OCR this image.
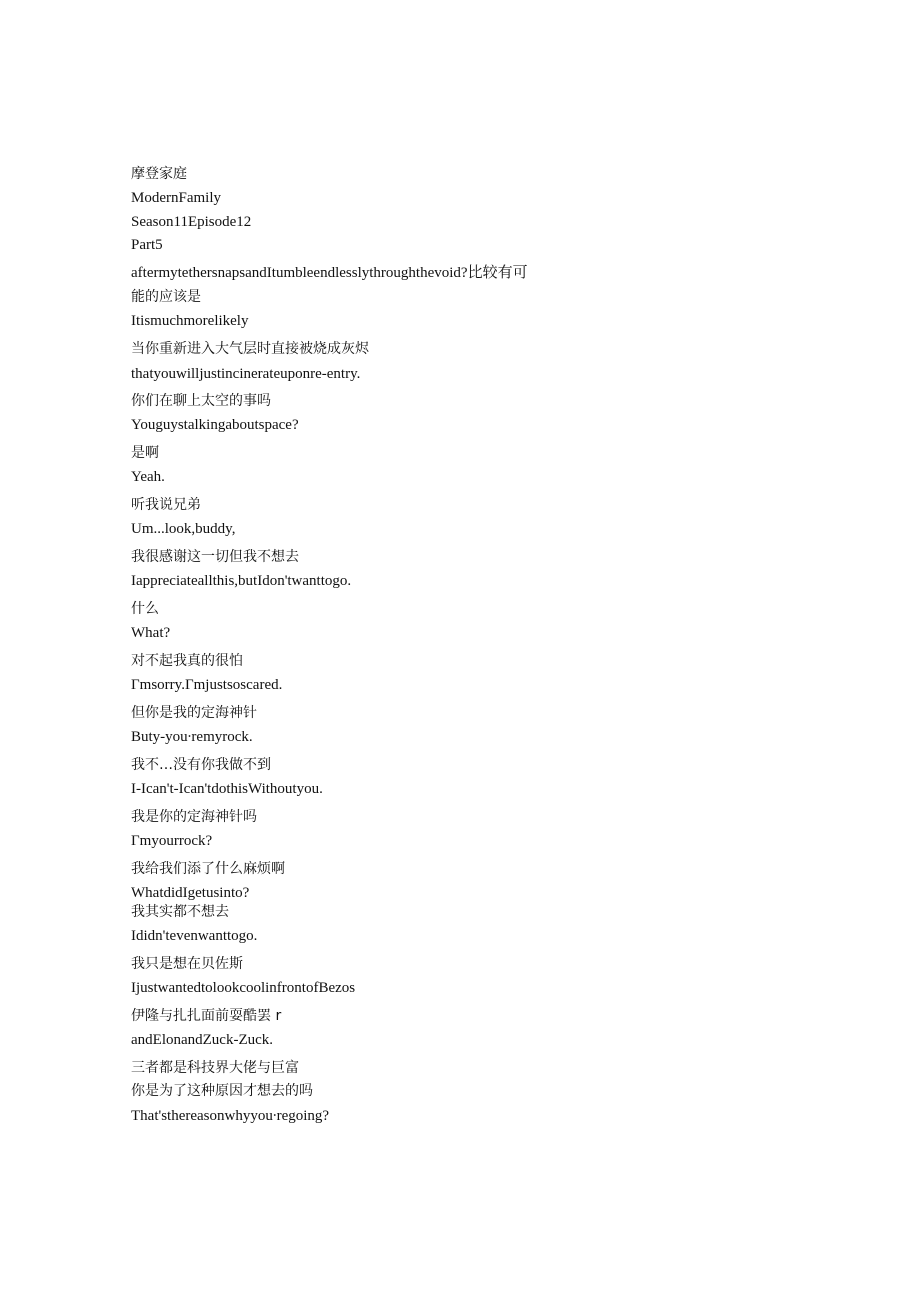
摩登家庭
ModernFamily
Season11Episode12
Part5
aftermytethersnapsandItumbleendlesslythroughthevoid?比较有可
能的应该是
Itismuchmorelikely
当你重新进入大气层时直接被烧成灰烬
thatyouwilljustincinerateuponre-entry.
你们在聊上太空的事吗
Youguystalkingaboutspace?
是啊
Yeah.
听我说兄弟
Um...look,buddy,
我很感谢这一切但我不想去
Iappreciateallthis,butIdon'twanttogo.
什么
What?
对不起我真的很怕
Γmsorry.Γmjustsoscared.
但你是我的定海神针
Buty-you∙remyrock.
我不…没有你我做不到
I-Ican't-Ican'tdothisWithoutyou.
我是你的定海神针吗
Γmyourrock?
我给我们添了什么麻烦啊
WhatdidIgetusinto?
我其实都不想去
Ididn'tevenwanttogo.
我只是想在贝佐斯
IjustwantedtolookcoolinfrontofBezos
伊隆与扎扎面前耍酷罢 r
andElonandZuck-Zuck.
三者都是科技界大佬与巨富
你是为了这种原因才想去的吗
That'sthereasonwhyyou∙regoing?
